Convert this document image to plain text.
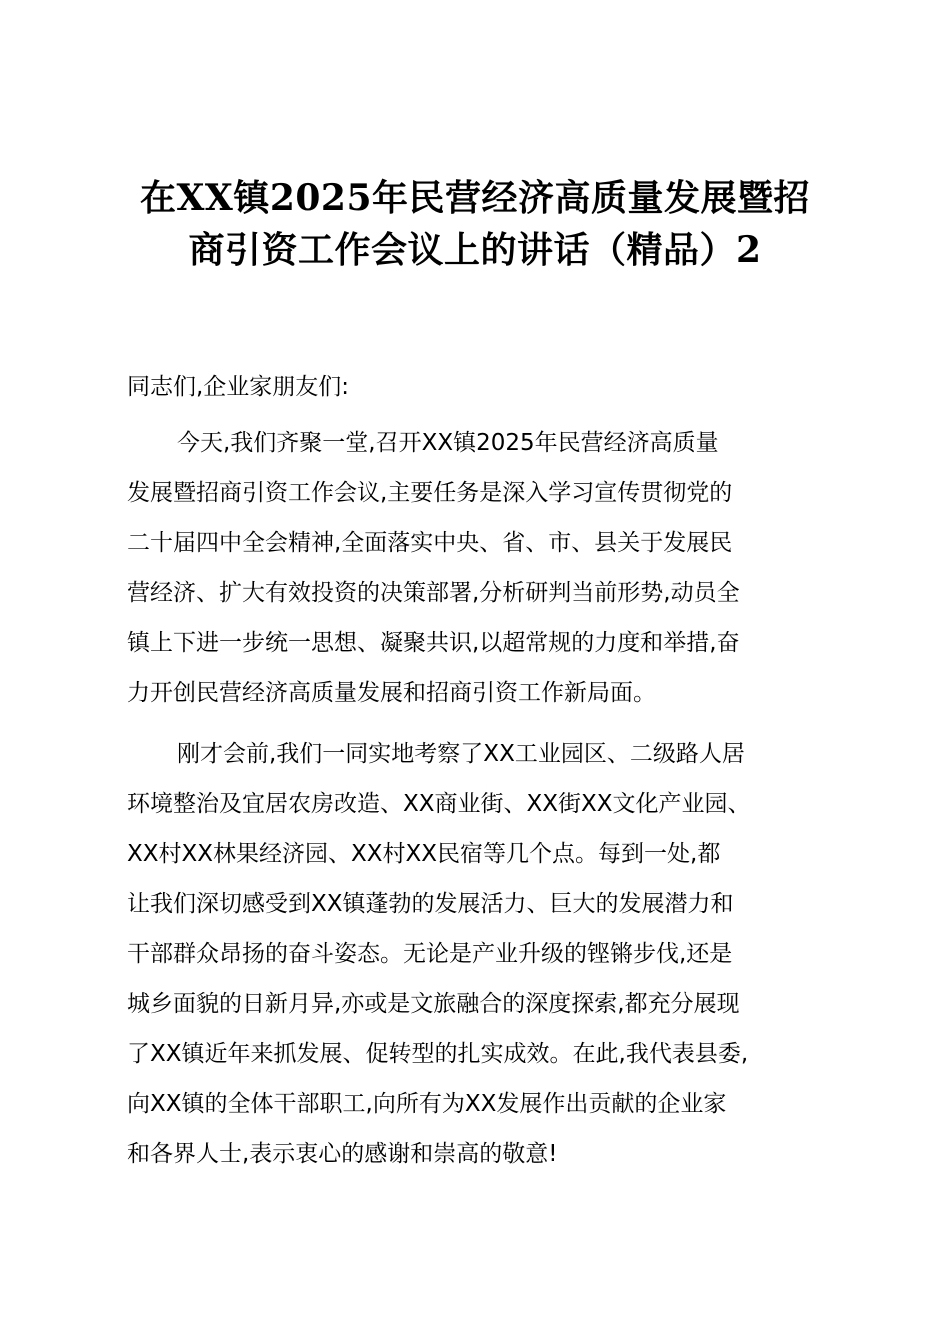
在XX镇2025年民营经济高质量发展暨招
商引资工作会议上的讲话（精品）2

同志们,企业家朋友们:

今天,我们齐聚一堂,召开XX镇2025年民营经济高质量
发展暨招商引资工作会议,主要任务是深入学习宣传贯彻党的
二十届四中全会精神,全面落实中央、省、市、县关于发展民
营经济、扩大有效投资的决策部署,分析研判当前形势,动员全
镇上下进一步统一思想、凝聚共识,以超常规的力度和举措,奋
力开创民营经济高质量发展和招商引资工作新局面。

刚才会前,我们一同实地考察了XX工业园区、二级路人居
环境整治及宜居农房改造、XX商业街、XX街XX文化产业园、
XX村XX林果经济园、XX村XX民宿等几个点。每到一处,都
让我们深切感受到XX镇蓬勃的发展活力、巨大的发展潜力和
干部群众昂扬的奋斗姿态。无论是产业升级的铿锵步伐,还是
城乡面貌的日新月异,亦或是文旅融合的深度探索,都充分展现
了XX镇近年来抓发展、促转型的扎实成效。在此,我代表县委,
向XX镇的全体干部职工,向所有为XX发展作出贡献的企业家
和各界人士,表示衷心的感谢和崇高的敬意!
